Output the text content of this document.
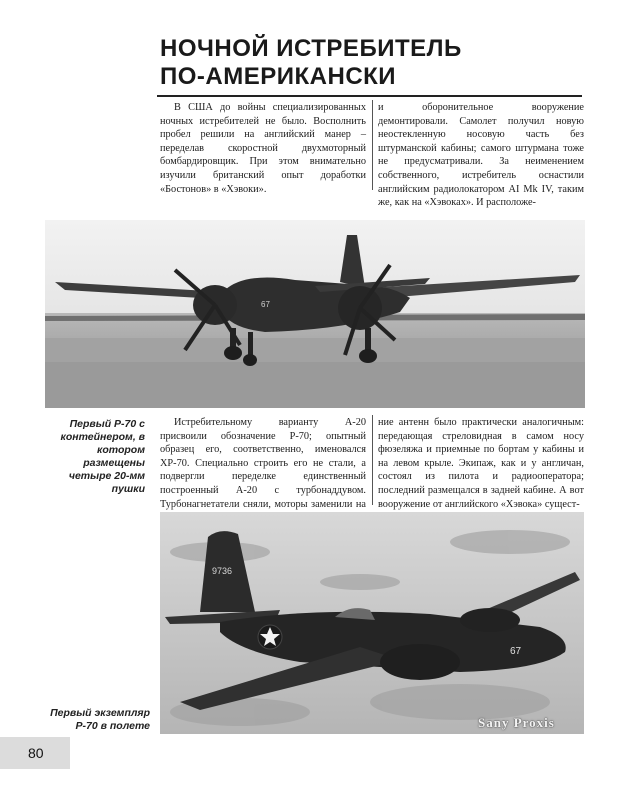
НОЧНОЙ ИСТРЕБИТЕЛЬ
ПО-АМЕРИКАНСКИ

В США до войны специализированных ночных истребителей не было. Восполнить пробел решили на английский манер – переделав скоростной двухмоторный бомбардировщик. При этом внимательно изучили британский опыт доработки «Бостонов» в «Хэвоки».

и оборонительное вооружение демонтировали. Самолет получил новую неостекленную носовую часть без штурманской кабины; самого штурмана тоже не предусматривали. За неименением собственного, истребитель оснастили английским радиолокатором AI Mk IV, таким же, как на «Хэвоках». И расположе-

67
Первый Р-70 с контейнером, в котором размещены четыре 20-мм пушки

Истребительному варианту А-20 присвоили обозначение Р-70; опытный образец его, соответственно, именовался ХР-70. Специально строить его не стали, а подвергли переделке единственный построенный А-20 с турбонаддувом. Турбонагнетатели сняли, моторы заменили на

ние антенн было практически аналогичным: передающая стреловидная в самом носу фюзеляжа и приемные по бортам у кабины и на левом крыле. Экипаж, как и у англичан, состоял из пилота и радиооператора; последний размещался в задней кабине. А вот вооружение от английского «Хэвока» сущест-

9736
67
Sany Proxis
Первый экземпляр Р-70 в полете
80
